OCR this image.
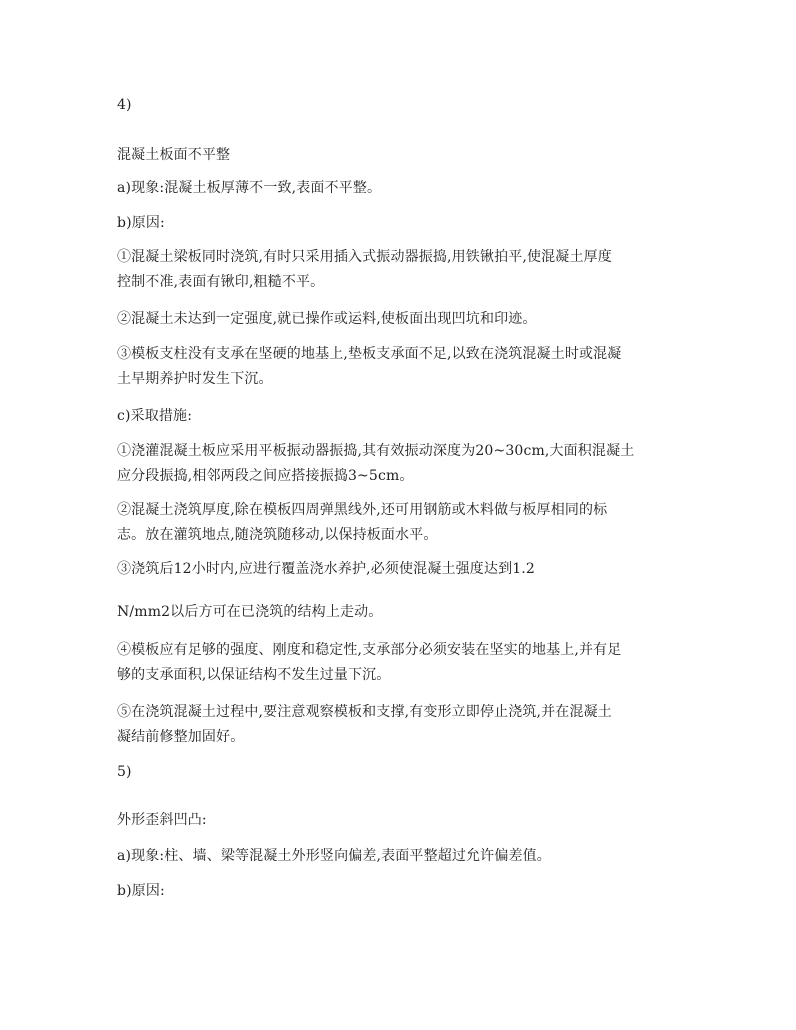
4)

混凝土板面不平整

a)现象:混凝土板厚薄不一致,表面不平整。

b)原因:

①混凝土梁板同时浇筑,有时只采用插入式振动器振捣,用铁锹拍平,使混凝土厚度

控制不准,表面有锹印,粗糙不平。

②混凝土未达到一定强度,就已操作或运料,使板面出现凹坑和印迹。

③模板支柱没有支承在坚硬的地基上,垫板支承面不足,以致在浇筑混凝土时或混凝

土早期养护时发生下沉。

c)采取措施:

①浇灌混凝土板应采用平板振动器振捣,其有效振动深度为20~30cm,大面积混凝土

应分段振捣,相邻两段之间应搭接振捣3~5cm。

②混凝土浇筑厚度,除在模板四周弹黑线外,还可用钢筋或木料做与板厚相同的标

志。放在灌筑地点,随浇筑随移动,以保持板面水平。

③浇筑后12小时内,应进行覆盖浇水养护,必须使混凝土强度达到1.2

N/mm2以后方可在已浇筑的结构上走动。

④模板应有足够的强度、刚度和稳定性,支承部分必须安装在坚实的地基上,并有足

够的支承面积,以保证结构不发生过量下沉。

⑤在浇筑混凝土过程中,要注意观察模板和支撑,有变形立即停止浇筑,并在混凝土

凝结前修整加固好。

5)

外形歪斜凹凸:

a)现象:柱、墙、梁等混凝土外形竖向偏差,表面平整超过允许偏差值。

b)原因:
